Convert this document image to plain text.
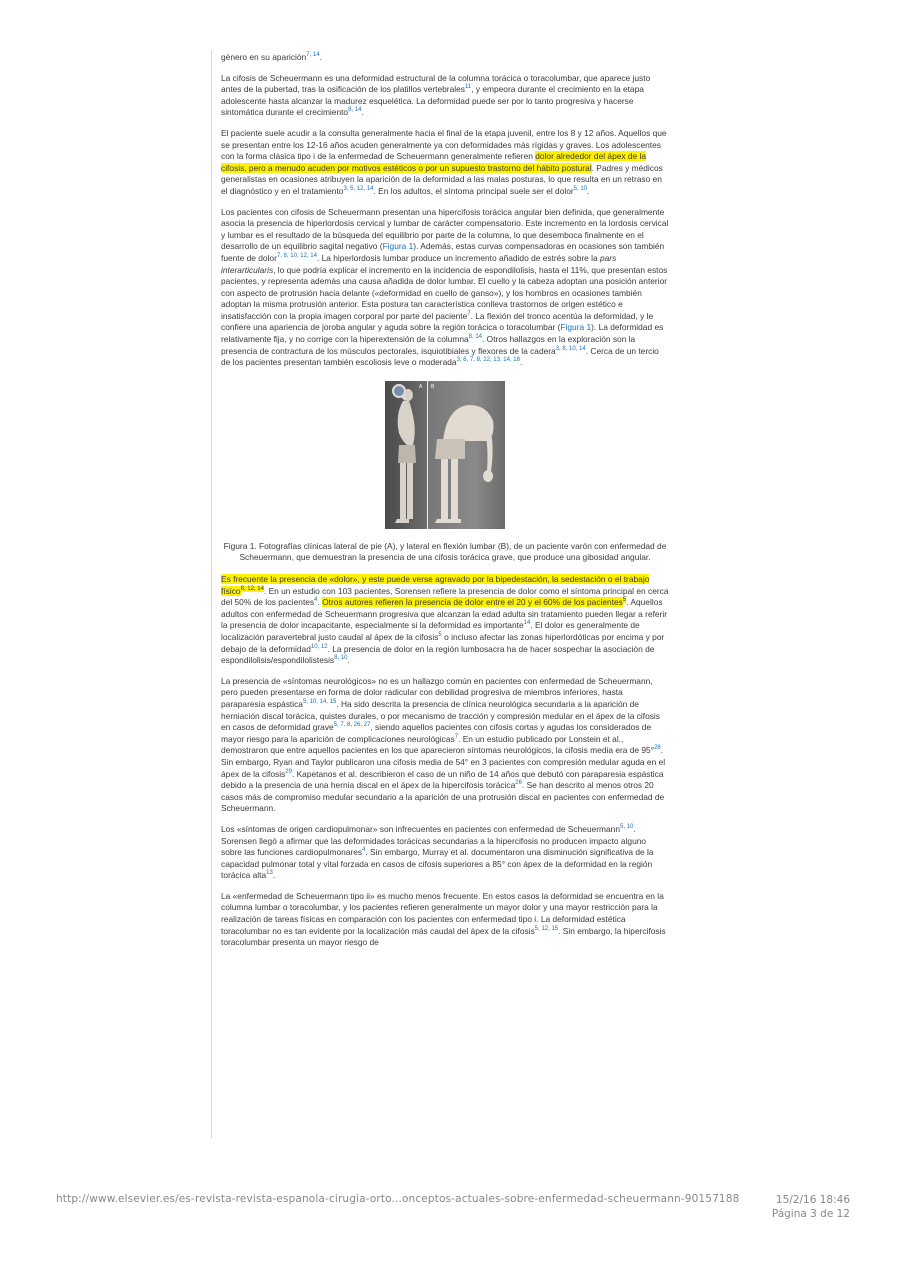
género en su aparición$^{7, 14}$.

La cifosis de Scheuermann es una deformidad estructural de la columna torácica o toracolumbar, que aparece justo antes de la pubertad, tras la osificación de los platillos vertebrales$^{11}$, y empeora durante el crecimiento en la etapa adolescente hasta alcanzar la madurez esquelética. La deformidad puede ser por lo tanto progresiva y hacerse sintomática durante el crecimiento$^{8, 14}$.

El paciente suele acudir a la consulta generalmente hacia el final de la etapa juvenil, entre los 8 y 12 años. Aquellos que se presentan entre los 12-16 años acuden generalmente ya con deformidades más rígidas y graves. Los adolescentes con la forma clásica tipo i de la enfermedad de Scheuermann generalmente refieren dolor alrededor del ápex de la cifosis, pero a menudo acuden por motivos estéticos o por un supuesto trastorno del hábito postural. Padres y médicos generalistas en ocasiones atribuyen la aparición de la deformidad a las malas posturas, lo que resulta en un retraso en el diagnóstico y en el tratamiento$^{3, 5, 12, 14}$. En los adultos, el síntoma principal suele ser el dolor$^{5, 10}$.

Los pacientes con cifosis de Scheuermann presentan una hipercifosis torácica angular bien definida, que generalmente asocia la presencia de hiperlordosis cervical y lumbar de carácter compensatorio. Este incremento en la lordosis cervical y lumbar es el resultado de la búsqueda del equilibrio por parte de la columna, lo que desemboca finalmente en el desarrollo de un equilibrio sagital negativo (Figura 1). Además, estas curvas compensadoras en ocasiones son también fuente de dolor$^{7, 8, 10, 12, 14}$. La hiperlordosis lumbar produce un incremento añadido de estrés sobre la pars interarticularis, lo que podría explicar el incremento en la incidencia de espondilolisis, hasta el 11%, que presentan estos pacientes, y representa además una causa añadida de dolor lumbar. El cuello y la cabeza adoptan una posición anterior con aspecto de protrusión hacia delante («deformidad en cuello de ganso»), y los hombros en ocasiones también adoptan la misma protrusión anterior. Esta postura tan característica conlleva trastornos de origen estético e insatisfacción con la propia imagen corporal por parte del paciente$^7$. La flexión del tronco acentúa la deformidad, y le confiere una apariencia de joroba angular y aguda sobre la región torácica o toracolumbar (Figura 1). La deformidad es relativamente fija, y no corrige con la hiperextensión de la columna$^{8, 14}$. Otros hallazgos en la exploración son la presencia de contractura de los músculos pectorales, isquiotibiales y flexores de la cadera$^{3, 8, 10, 14}$. Cerca de un tercio de los pacientes presentan también escoliosis leve o moderada$^{3, 6, 7, 8, 12, 13, 14, 18}$.

A B
Figura 1. Fotografías clínicas lateral de pie (A), y lateral en flexión lumbar (B), de un paciente varón con enfermedad de Scheuermann, que demuestran la presencia de una cifosis torácica grave, que produce una gibosidad angular.

Es frecuente la presencia de «dolor», y este puede verse agravado por la bipedestación, la sedestación o el trabajo físico$^{8, 12, 14}$. En un estudio con 103 pacientes, Sorensen refiere la presencia de dolor como el síntoma principal en cerca del 50% de los pacientes$^4$. Otros autores refieren la presencia de dolor entre el 20 y el 60% de los pacientes$^5$. Aquellos adultos con enfermedad de Scheuermann progresiva que alcanzan la edad adulta sin tratamiento pueden llegar a referir la presencia de dolor incapacitante, especialmente si la deformidad es importante$^{14}$. El dolor es generalmente de localización paravertebral justo caudal al ápex de la cifosis$^5$ o incluso afectar las zonas hiperlordóticas por encima y por debajo de la deformidad$^{10, 12}$. La presencia de dolor en la región lumbosacra ha de hacer sospechar la asociación de espondilolisis/espondilolistesis$^{8, 10}$.

La presencia de «síntomas neurológicos» no es un hallazgo común en pacientes con enfermedad de Scheuermann, pero pueden presentarse en forma de dolor radicular con debilidad progresiva de miembros inferiores, hasta paraparesia espástica$^{5, 10, 14, 15}$. Ha sido descrita la presencia de clínica neurológica secundaria a la aparición de herniación discal torácica, quistes durales, o por mecanismo de tracción y compresión medular en el ápex de la cifosis en casos de deformidad grave$^{5, 7, 8, 26, 27}$, siendo aquellos pacientes con cifosis cortas y agudas los considerados de mayor riesgo para la aparición de complicaciones neurológicas$^7$. En un estudio publicado por Lonstein et al., demostraron que entre aquellos pacientes en los que aparecieron síntomas neurológicos, la cifosis media era de 95°$^{28}$. Sin embargo, Ryan and Taylor publicaron una cifosis media de 54° en 3 pacientes con compresión medular aguda en el ápex de la cifosis$^{29}$. Kapetanos et al. describieron el caso de un niño de 14 años que debutó con paraparesia espástica debido a la presencia de una hernia discal en el ápex de la hipercifosis torácica$^{26}$. Se han descrito al menos otros 20 casos más de compromiso medular secundario a la aparición de una protrusión discal en pacientes con enfermedad de Scheuermann.

Los «síntomas de origen cardiopulmonar» son infrecuentes en pacientes con enfermedad de Scheuermann$^{5, 10}$. Sorensen llegó a afirmar que las deformidades torácicas secundarias a la hipercifosis no producen impacto alguno sobre las funciones cardiopulmonares$^4$. Sin embargo, Murray et al. documentaron una disminución significativa de la capacidad pulmonar total y vital forzada en casos de cifosis superiores a 85° con ápex de la deformidad en la región torácica alta$^{13}$.

La «enfermedad de Scheuermann tipo ii» es mucho menos frecuente. En estos casos la deformidad se encuentra en la columna lumbar o toracolumbar, y los pacientes refieren generalmente un mayor dolor y una mayor restricción para la realización de tareas físicas en comparación con los pacientes con enfermedad tipo i. La deformidad estética toracolumbar no es tan evidente por la localización más caudal del ápex de la cifosis$^{5, 12, 15}$. Sin embargo, la hipercifosis toracolumbar presenta un mayor riesgo de

http://www.elsevier.es/es-revista-revista-espanola-cirugia-orto...onceptos-actuales-sobre-enfermedad-scheuermann-90157188	15/2/16 18:46
Página 3 de 12
